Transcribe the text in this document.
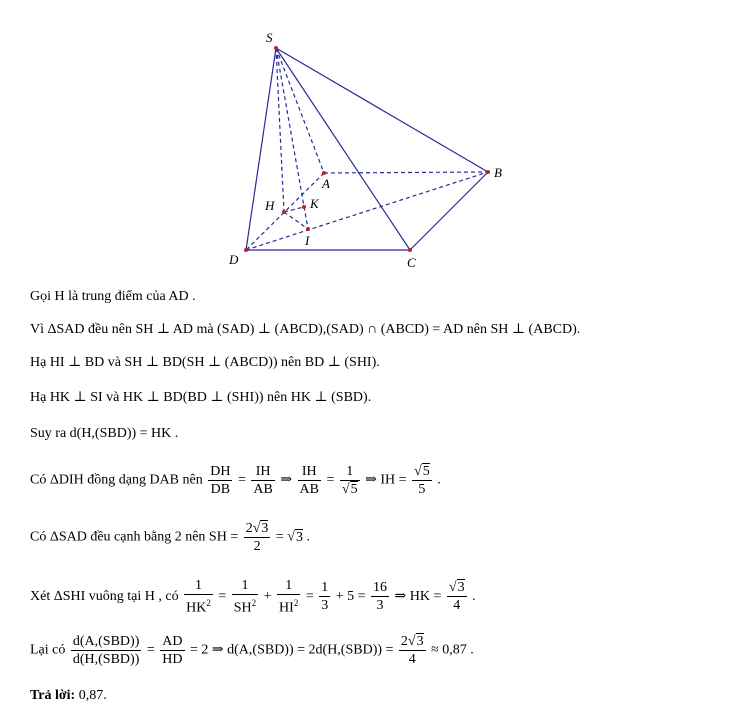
S
A
B
C
D
H	K
I
Gọi H là trung điểm của AD .
Vì ΔSAD đều nên SH ⊥ AD mà (SAD) ⊥ (ABCD),(SAD) ∩ (ABCD) = AD nên SH ⊥ (ABCD).
Hạ HI ⊥ BD và SH ⊥ BD(SH ⊥ (ABCD)) nên BD ⊥ (SHI).
Hạ HK ⊥ SI và HK ⊥ BD(BD ⊥ (SHI)) nên HK ⊥ (SBD).
Suy ra d(H,(SBD)) = HK .
Có ΔDIH đồng dạng DAB nên $\frac{DH}{DB} = \frac{IH}{AB}$ ⇒ $\frac{IH}{AB} = \frac{1}{√5}$ ⇒ IH = $\frac{√5}{5}$ .
Có ΔSAD đều cạnh bằng 2 nên SH = $\frac{2√3}{2} = √3$ .
Xét ΔSHI vuông tại H , có $\frac{1}{HK^2} = \frac{1}{SH^2} + \frac{1}{HI^2} = \frac{1}{3} + 5 = \frac{16}{3}$ ⇒ HK = $\frac{√3}{4}$ .
Lại có $\frac{\text{d(A,(SBD))}}{\text{d(H,(SBD))}} = \frac{AD}{HD} = 2$ ⇒ $d(A,(SBD)) = 2d(H,(SBD)) = \frac{2√3}{4} \approx 0,87$ .
Trả lời: 0,87.
